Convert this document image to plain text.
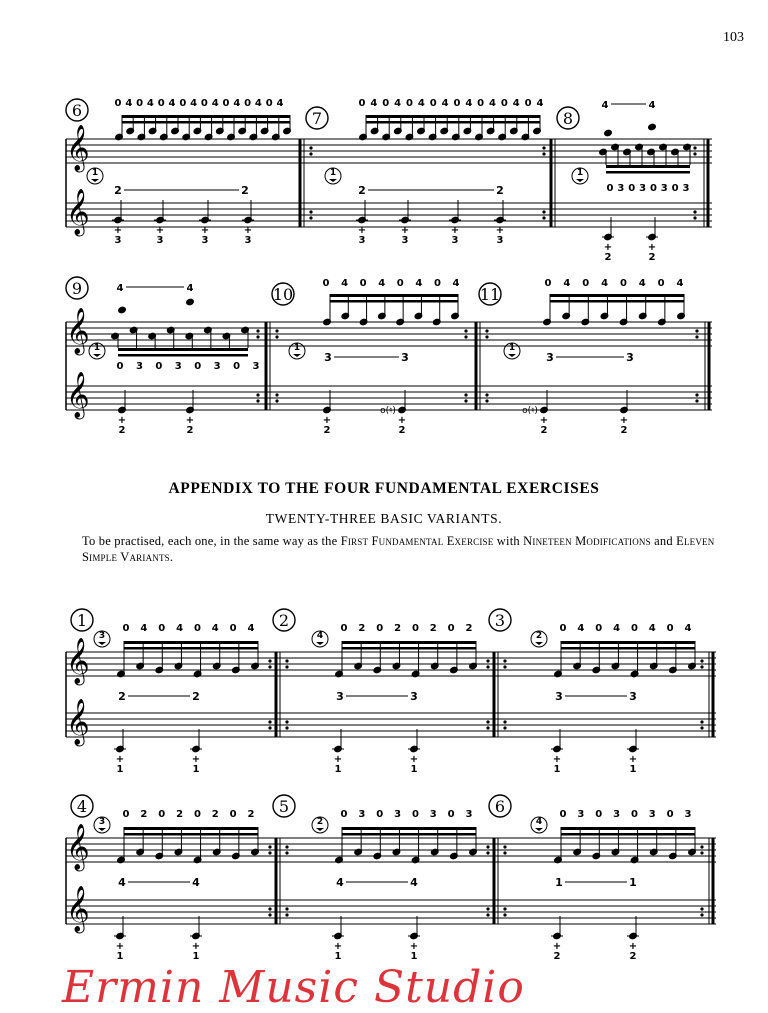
103
𝄞
𝄞
6	0 4 0 4 0 4 0 4 0 4 0 4 0 4 0 4
1
2	2
+
3
+
3
+
3
+
3
7
0 4 0 4 0 4 0 4 0 4 0 4 0 4 0 4
1
2	2
+
3
+
3
+
3
+
3
8
4	4
0 3 0 3 0 3 0 3
1
+
2
+
2
𝄞
𝄞
9	4	4
0 3 0 3 0 3 0 3
1
+
2
+
2
10
0 4 0 4 0 4 0 4
1
3	3
+
2
o(♮)
+
2
11
0 4 0 4 0 4 0 4
1
3	3
o(♮)
+
2
+
2
𝄞
𝄞
1
3
0 4 0 4 0 4 0 4
2	2
+
1
+
1
2
4
0 2 0 2 0 2 0 2
3	3
+
1
+
1
3
2
0 4 0 4 0 4 0 4
3	3
+
1
+
1
𝄞
𝄞
4
3
0 2 0 2 0 2 0 2
4	4
+
1
+
1
5
2
0 3 0 3 0 3 0 3
4	4
+
1
+
1
6
4
0 3 0 3 0 3 0 3
1	1
+
2
+
2
APPENDIX TO THE FOUR FUNDAMENTAL EXERCISES
TWENTY-THREE BASIC VARIANTS.
To be practised, each one, in the same way as the First Fundamental Exercise with Nineteen Modifications and Eleven Simple Variants.
Ermin Music Studio
